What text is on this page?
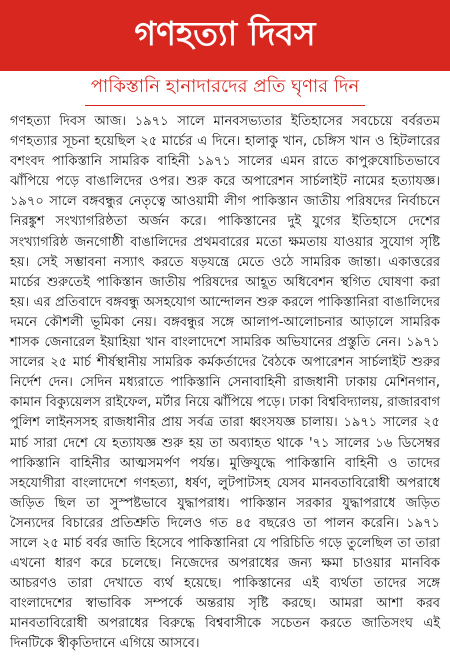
গণহত্যা দিবস
পাকিস্তানি হানাদারদের প্রতি ঘৃণার দিন

গণহত্যা দিবস আজ। ১৯৭১ সালে মানবসভ্যতার ইতিহাসের সবচেয়ে বর্বরতম গণহত্যার সূচনা হয়েছিল ২৫ মার্চের এ দিনে। হালাকু খান, চেঙ্গিস খান ও হিটলারের বশংবদ পাকিস্তানি সামরিক বাহিনী ১৯৭১ সালের এমন রাতে কাপুরুষোচিতভাবে ঝাঁপিয়ে পড়ে বাঙালিদের ওপর। শুরু করে অপারেশন সার্চলাইট নামের হত্যাযজ্ঞ। ১৯৭০ সালে বঙ্গবন্ধুর নেতৃত্বে আওয়ামী লীগ পাকিস্তান জাতীয় পরিষদের নির্বাচনে নিরঙ্কুশ সংখ্যাগরিষ্ঠতা অর্জন করে। পাকিস্তানের দুই যুগের ইতিহাসে দেশের সংখ্যাগরিষ্ঠ জনগোষ্ঠী বাঙালিদের প্রথমবারের মতো ক্ষমতায় যাওয়ার সুযোগ সৃষ্টি হয়। সেই সম্ভাবনা নস্যাৎ করতে ষড়যন্ত্রে মেতে ওঠে সামরিক জান্তা। একাত্তরের মার্চের শুরুতেই পাকিস্তান জাতীয় পরিষদের আহূত অধিবেশন স্থগিত ঘোষণা করা হয়। এর প্রতিবাদে বঙ্গবন্ধু অসহযোগ আন্দোলন শুরু করলে পাকিস্তানিরা বাঙালিদের দমনে কৌশলী ভূমিকা নেয়। বঙ্গবন্ধুর সঙ্গে আলাপ-আলোচনার আড়ালে সামরিক শাসক জেনারেল ইয়াহিয়া খান বাংলাদেশে সামরিক অভিযানের প্রস্তুতি নেন। ১৯৭১ সালের ২৫ মার্চ শীর্ষস্থানীয় সামরিক কর্মকর্তাদের বৈঠকে অপারেশন সার্চলাইট শুরুর নির্দেশ দেন। সেদিন মধ্যরাতে পাকিস্তানি সেনাবাহিনী রাজধানী ঢাকায় মেশিনগান, কামান বিক্যুয়েলস রাইফেল, মর্টার নিয়ে ঝাঁপিয়ে পড়ে। ঢাকা বিশ্ববিদ্যালয়, রাজারবাগ পুলিশ লাইনসসহ রাজধানীর প্রায় সর্বত্র তারা ধ্বংসযজ্ঞ চালায়। ১৯৭১ সালের ২৫ মার্চ সারা দেশে যে হত্যাযজ্ঞ শুরু হয় তা অব্যাহত থাকে '৭১ সালের ১৬ ডিসেম্বর পাকিস্তানি বাহিনীর আত্মসমর্পণ পর্যন্ত। মুক্তিযুদ্ধে পাকিস্তানি বাহিনী ও তাদের সহযোগীরা বাংলাদেশে গণহত্যা, ধর্ষণ, লুটপাটসহ যেসব মানবতাবিরোধী অপরাধে জড়িত ছিল তা সুস্পষ্টভাবে যুদ্ধাপরাধ। পাকিস্তান সরকার যুদ্ধাপরাধে জড়িত সৈন্যদের বিচারের প্রতিশ্রুতি দিলেও গত ৪৫ বছরেও তা পালন করেনি। ১৯৭১ সালে ২৫ মার্চ বর্বর জাতি হিসেবে পাকিস্তানিরা যে পরিচিতি গড়ে তুলেছিল তা তারা এখনো ধারণ করে চলেছে। নিজেদের অপরাধের জন্য ক্ষমা চাওয়ার মানবিক আচরণও তারা দেখাতে ব্যর্থ হয়েছে। পাকিস্তানের এই ব্যর্থতা তাদের সঙ্গে বাংলাদেশের স্বাভাবিক সম্পর্কে অন্তরায় সৃষ্টি করছে। আমরা আশা করব মানবতাবিরোধী অপরাধের বিরুদ্ধে বিশ্ববাসীকে সচেতন করতে জাতিসংঘ এই দিনটিকে স্বীকৃতিদানে এগিয়ে আসবে।
